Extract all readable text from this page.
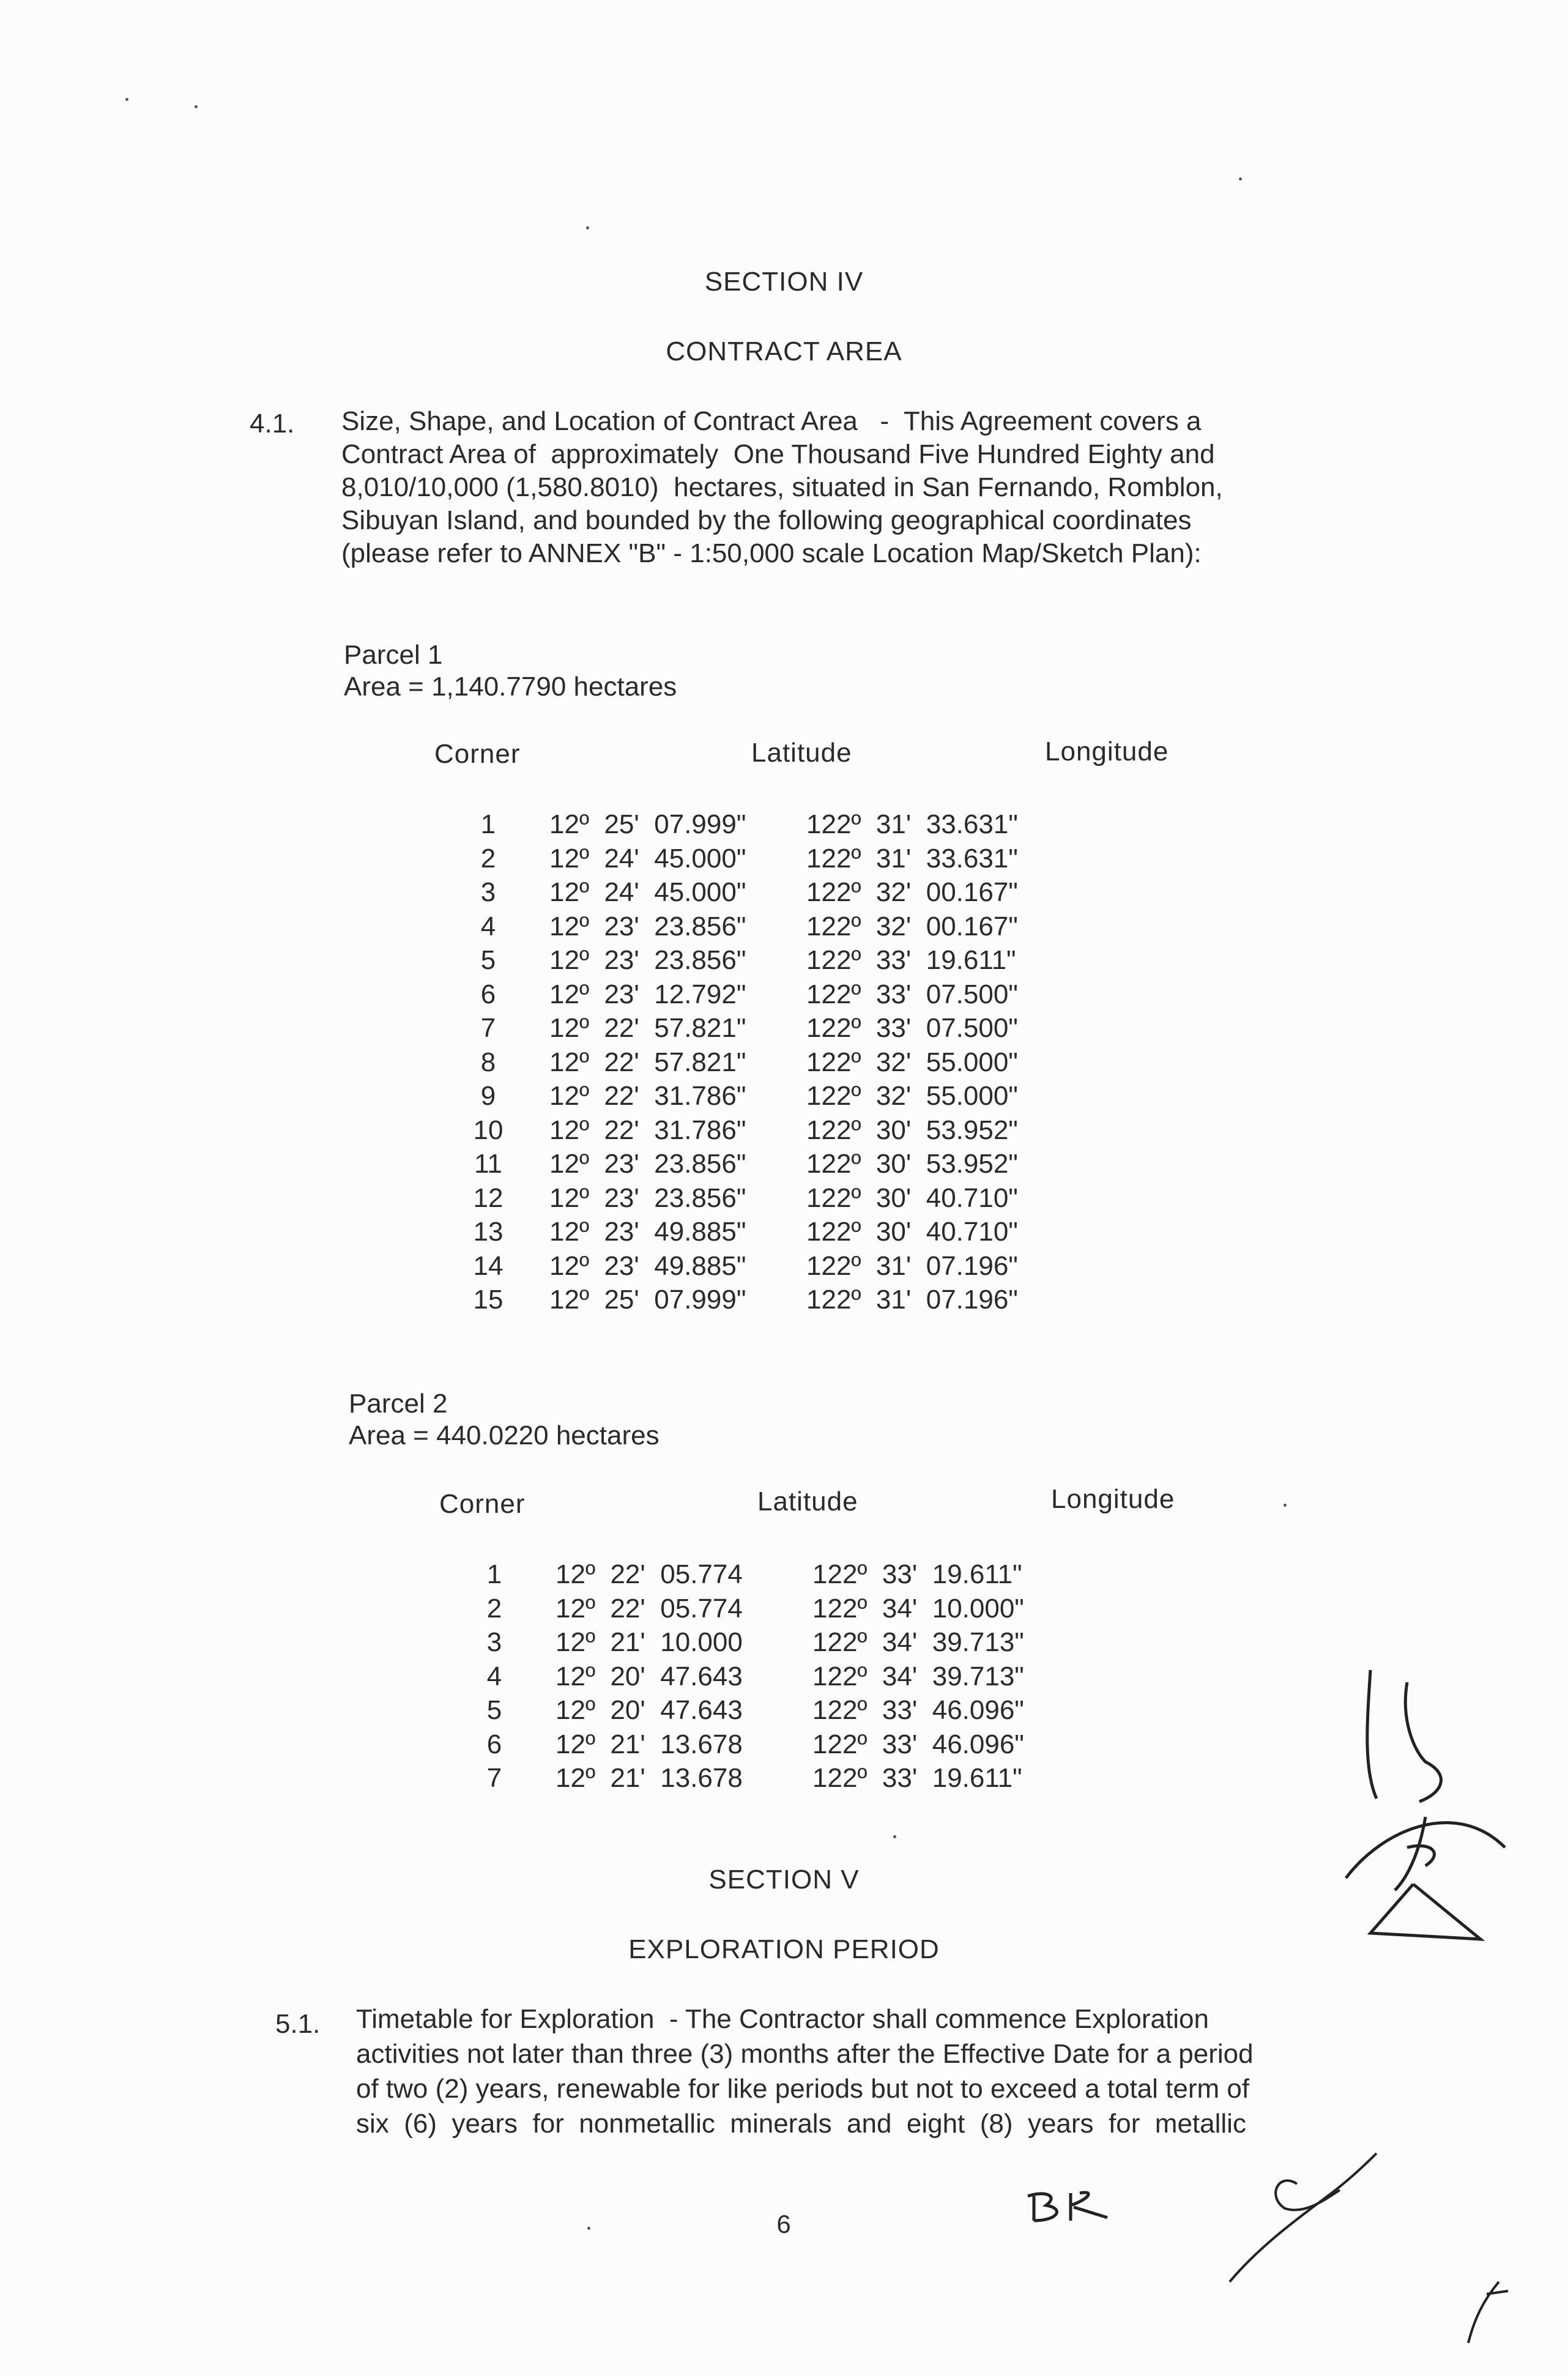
SECTION IV
CONTRACT AREA
4.1. Size, Shape, and Location of Contract Area   -  This Agreement covers a
Contract Area of  approximately  One Thousand Five Hundred Eighty and
8,010/10,000 (1,580.8010)  hectares, situated in San Fernando, Romblon,
Sibuyan Island, and bounded by the following geographical coordinates
(please refer to ANNEX "B" - 1:50,000 scale Location Map/Sketch Plan):
Parcel 1
Area = 1,140.7790 hectares
Corner	Latitude	Longitude
1	12º  25'  07.999"	122º  31'  33.631"
2	12º  24'  45.000"	122º  31'  33.631"
3	12º  24'  45.000"	122º  32'  00.167"
4	12º  23'  23.856"	122º  32'  00.167"
5	12º  23'  23.856"	122º  33'  19.611"
6	12º  23'  12.792"	122º  33'  07.500"
7	12º  22'  57.821"	122º  33'  07.500"
8	12º  22'  57.821"	122º  32'  55.000"
9	12º  22'  31.786"	122º  32'  55.000"
10	12º  22'  31.786"	122º  30'  53.952"
11	12º  23'  23.856"	122º  30'  53.952"
12	12º  23'  23.856"	122º  30'  40.710"
13	12º  23'  49.885"	122º  30'  40.710"
14	12º  23'  49.885"	122º  31'  07.196"
15	12º  25'  07.999"	122º  31'  07.196"
Parcel 2
Area = 440.0220 hectares
Corner	Latitude	Longitude
1	12º  22'  05.774	122º  33'  19.611"
2	12º  22'  05.774	122º  34'  10.000"
3	12º  21'  10.000	122º  34'  39.713"
4	12º  20'  47.643	122º  34'  39.713"
5	12º  20'  47.643	122º  33'  46.096"
6	12º  21'  13.678	122º  33'  46.096"
7	12º  21'  13.678	122º  33'  19.611"
SECTION V
EXPLORATION PERIOD
5.1. Timetable for Exploration  - The Contractor shall commence Exploration
activities not later than three (3) months after the Effective Date for a period
of two (2) years, renewable for like periods but not to exceed a total term of
six  (6)  years  for  nonmetallic  minerals  and  eight  (8)  years  for  metallic
6
